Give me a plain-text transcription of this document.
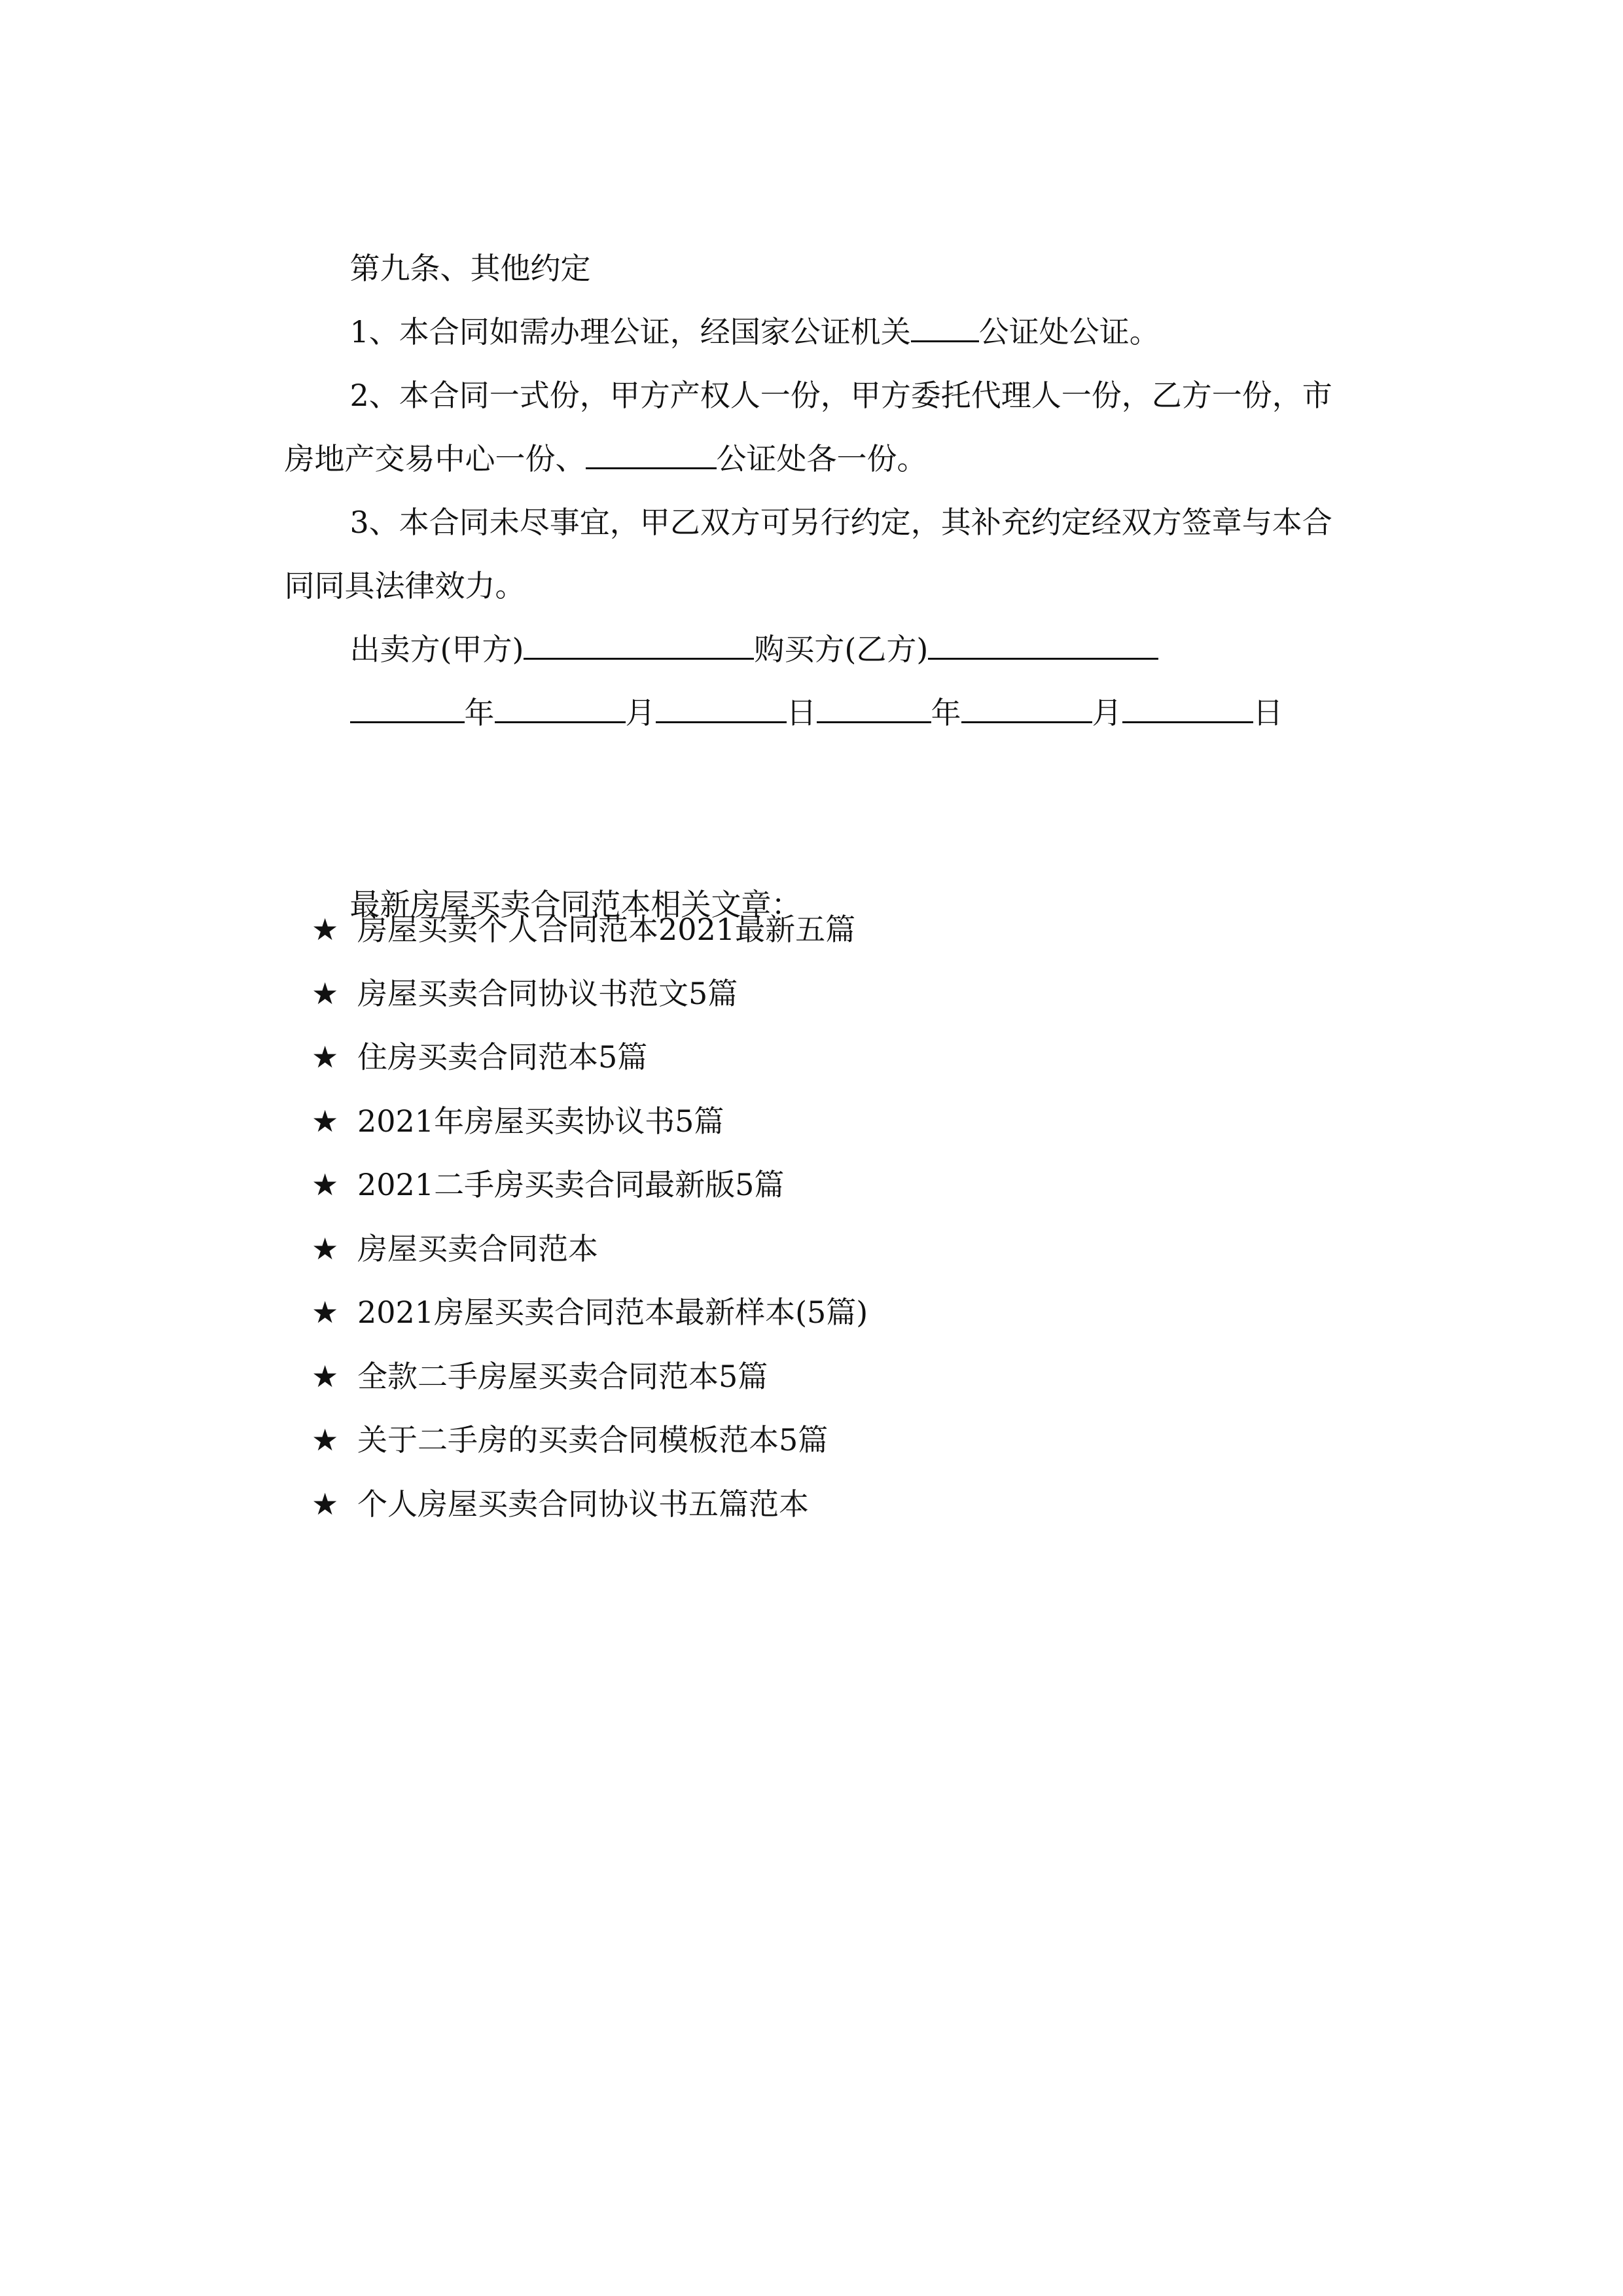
第九条、其他约定

1、本合同如需办理公证，经国家公证机关 公证处公证。

2、本合同一式份，甲方产权人一份，甲方委托代理人一份，乙方一份，市

房地产交易中心一份、	公证处各一份。

3、本合同未尽事宜，甲乙双方可另行约定，其补充约定经双方签章与本合

同同具法律效力。

出卖方(甲方)	购买方(乙方)

年	月	日	年	月	日

最新房屋买卖合同范本相关文章：

★ 房屋买卖个人合同范本2021最新五篇
★ 房屋买卖合同协议书范文5篇
★ 住房买卖合同范本5篇
★ 2021年房屋买卖协议书5篇
★ 2021二手房买卖合同最新版5篇
★ 房屋买卖合同范本
★ 2021房屋买卖合同范本最新样本(5篇)
★ 全款二手房屋买卖合同范本5篇
★ 关于二手房的买卖合同模板范本5篇
★ 个人房屋买卖合同协议书五篇范本
